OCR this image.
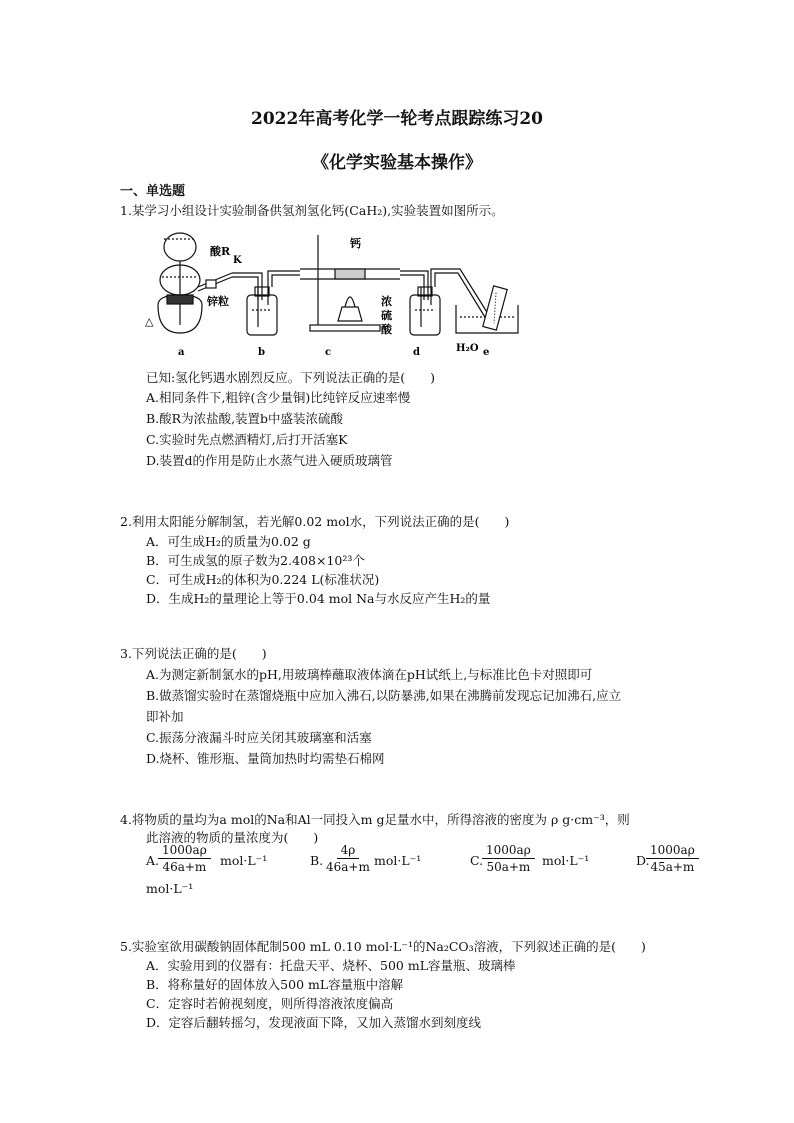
2022年高考化学一轮考点跟踪练习20
《化学实验基本操作》
一、单选题
1.某学习小组设计实验制备供氢剂氢化钙(CaH₂),实验装置如图所示。
酸R
K
锌粒
△
钙
浓
硫
酸
H₂O
a	b	c	d	e
已知:氢化钙遇水剧烈反应。下列说法正确的是(　　)
A.相同条件下,粗锌(含少量铜)比纯锌反应速率慢
B.酸R为浓盐酸,装置b中盛装浓硫酸
C.实验时先点燃酒精灯,后打开活塞K
D.装置d的作用是防止水蒸气进入硬质玻璃管
2.利用太阳能分解制氢，若光解0.02 mol水，下列说法正确的是(　　)
A．可生成H₂的质量为0.02 g
B．可生成氢的原子数为2.408×10²³个
C．可生成H₂的体积为0.224 L(标准状况)
D．生成H₂的量理论上等于0.04 mol Na与水反应产生H₂的量
3.下列说法正确的是(　　)
A.为测定新制氯水的pH,用玻璃棒蘸取液体滴在pH试纸上,与标准比色卡对照即可
B.做蒸馏实验时在蒸馏烧瓶中应加入沸石,以防暴沸,如果在沸腾前发现忘记加沸石,应立
即补加
C.振荡分液漏斗时应关闭其玻璃塞和活塞
D.烧杯、锥形瓶、量筒加热时均需垫石棉网
4.将物质的量均为a mol的Na和Al一同投入m g足量水中，所得溶液的密度为 ρ g·cm⁻³，则
此溶液的物质的量浓度为(　　)
A.
$\frac{1000a\rho}{46a+m} mol\cdot L^{-1}$	B.
$\frac{4\rho}{46a+m} mol\cdot L^{-1}$	C.
$\frac{1000a\rho}{50a+m} mol\cdot L^{-1}$	D.
$\frac{1000a\rho}{45a+m}$
mol·L⁻¹
5.实验室欲用碳酸钠固体配制500 mL 0.10 mol·L⁻¹的Na₂CO₃溶液，下列叙述正确的是(　　)
A．实验用到的仪器有：托盘天平、烧杯、500 mL容量瓶、玻璃棒
B．将称量好的固体放入500 mL容量瓶中溶解
C．定容时若俯视刻度，则所得溶液浓度偏高
D．定容后翻转摇匀，发现液面下降，又加入蒸馏水到刻度线
